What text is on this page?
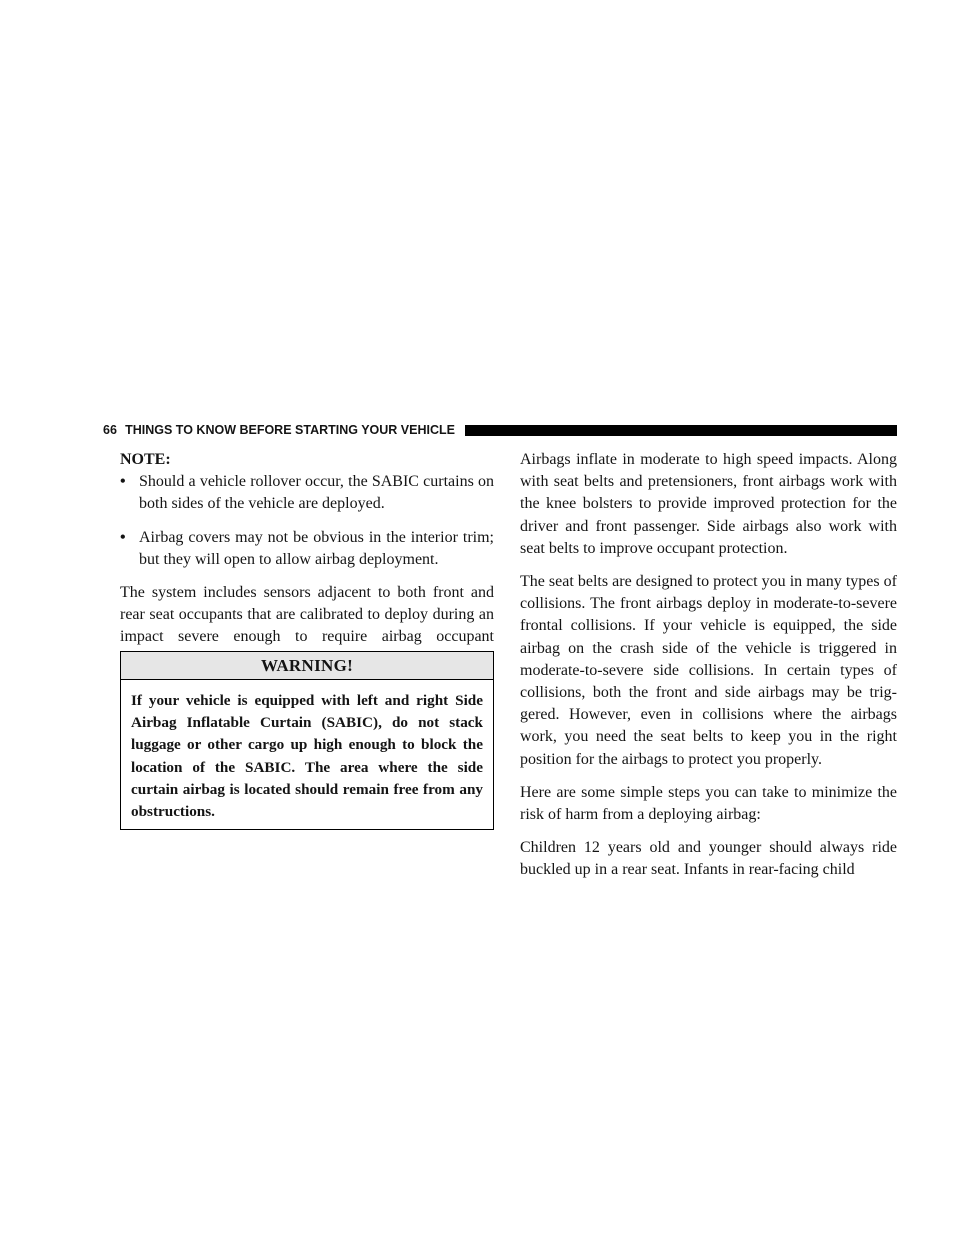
66 THINGS TO KNOW BEFORE STARTING YOUR VEHICLE

NOTE:

• Should a vehicle rollover occur, the SABIC curtains on both sides of the vehicle are deployed.

• Airbag covers may not be obvious in the interior trim; but they will open to allow airbag deployment.

The system includes sensors adjacent to both front and rear seat occupants that are calibrated to deploy during an impact severe enough to require airbag occupant

WARNING!
If your vehicle is equipped with left and right Side Airbag Inflatable Curtain (SABIC), do not stack luggage or other cargo up high enough to block the location of the SABIC. The area where the side curtain airbag is located should remain free from any obstructions.

Airbags inflate in moderate to high speed impacts. Along with seat belts and pretensioners, front airbags work with the knee bolsters to provide improved protection for the driver and front passenger. Side airbags also work with seat belts to improve occupant protection.

The seat belts are designed to protect you in many types of collisions. The front airbags deploy in moderate-to-severe frontal collisions. If your vehicle is equipped, the side airbag on the crash side of the vehicle is triggered in moderate-to-severe side collisions. In certain types of collisions, both the front and side airbags may be trig-gered. However, even in collisions where the airbags work, you need the seat belts to keep you in the right position for the airbags to protect you properly.

Here are some simple steps you can take to minimize the risk of harm from a deploying airbag:

Children 12 years old and younger should always ride buckled up in a rear seat. Infants in rear-facing child
